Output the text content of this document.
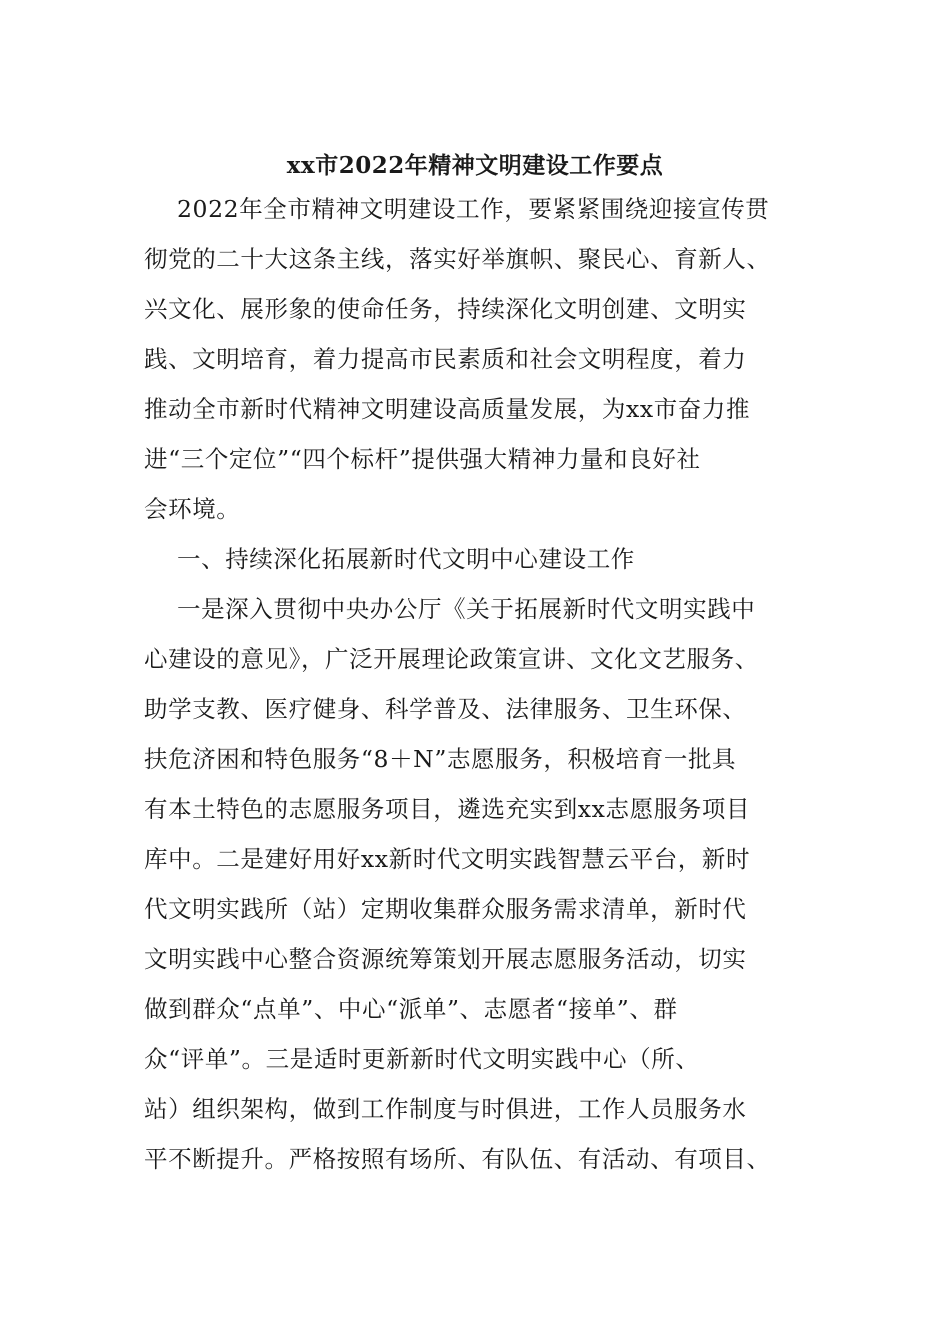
xx市2022年精神文明建设工作要点

2022年全市精神文明建设工作，要紧紧围绕迎接宣传贯

彻党的二十大这条主线，落实好举旗帜、聚民心、育新人、

兴文化、展形象的使命任务，持续深化文明创建、文明实

践、文明培育，着力提高市民素质和社会文明程度，着力

推动全市新时代精神文明建设高质量发展，为xx市奋力推

进“三个定位”“四个标杆”提供强大精神力量和良好社

会环境。

一、持续深化拓展新时代文明中心建设工作

一是深入贯彻中央办公厅《关于拓展新时代文明实践中

心建设的意见》，广泛开展理论政策宣讲、文化文艺服务、

助学支教、医疗健身、科学普及、法律服务、卫生环保、

扶危济困和特色服务“8＋N”志愿服务，积极培育一批具

有本土特色的志愿服务项目，遴选充实到xx志愿服务项目

库中。二是建好用好xx新时代文明实践智慧云平台，新时

代文明实践所（站）定期收集群众服务需求清单，新时代

文明实践中心整合资源统筹策划开展志愿服务活动，切实

做到群众“点单”、中心“派单”、志愿者“接单”、群

众“评单”。三是适时更新新时代文明实践中心（所、

站）组织架构，做到工作制度与时俱进，工作人员服务水

平不断提升。严格按照有场所、有队伍、有活动、有项目、
